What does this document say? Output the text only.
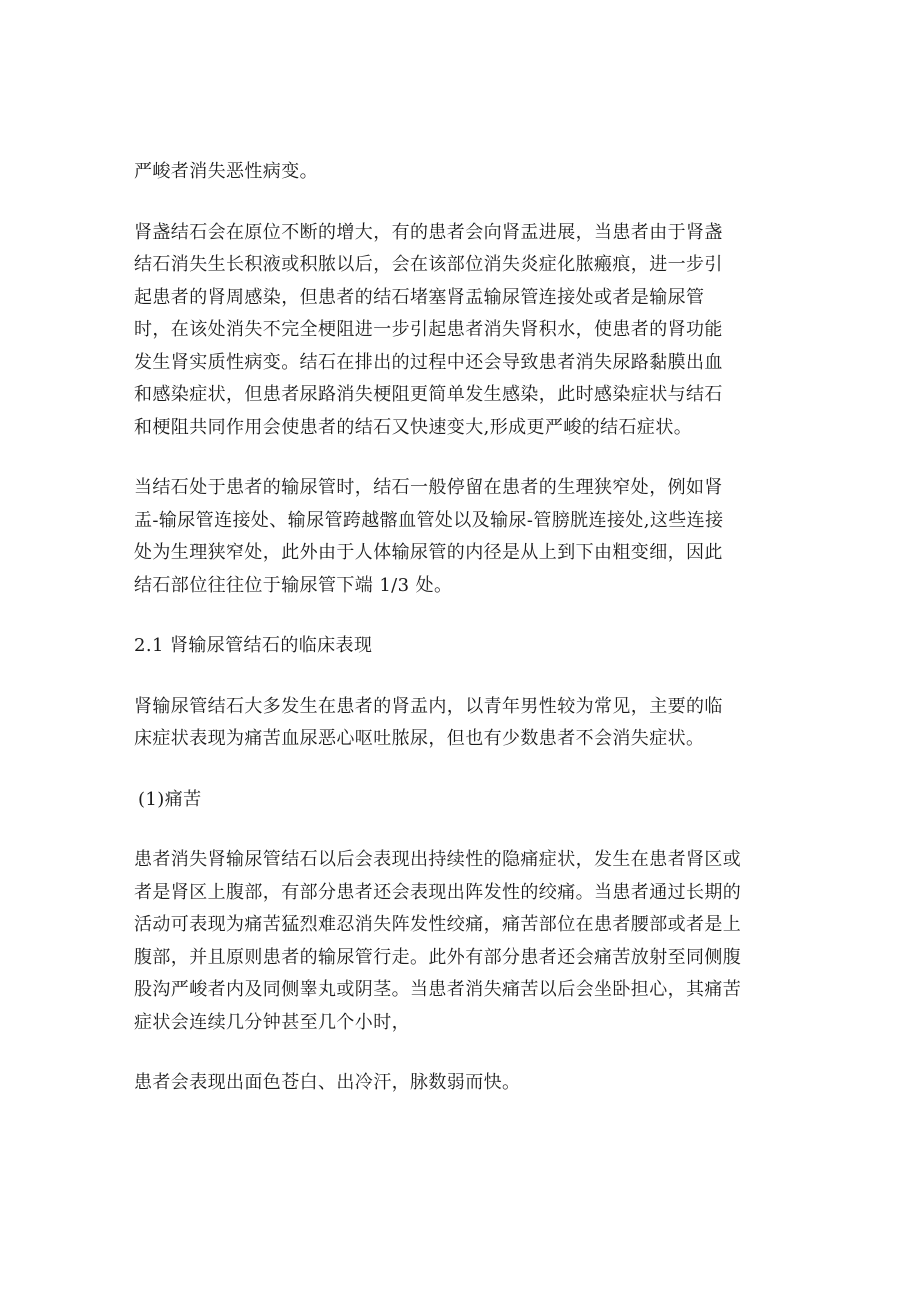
严峻者消失恶性病变。

肾盏结石会在原位不断的增大，有的患者会向肾盂进展，当患者由于肾盏
结石消失生长积液或积脓以后，会在该部位消失炎症化脓瘢痕，进一步引
起患者的肾周感染，但患者的结石堵塞肾盂输尿管连接处或者是输尿管
时，在该处消失不完全梗阻进一步引起患者消失肾积水，使患者的肾功能
发生肾实质性病变。结石在排出的过程中还会导致患者消失尿路黏膜出血
和感染症状，但患者尿路消失梗阻更简单发生感染，此时感染症状与结石
和梗阻共同作用会使患者的结石又快速变大,形成更严峻的结石症状。

当结石处于患者的输尿管时，结石一般停留在患者的生理狭窄处，例如肾
盂-输尿管连接处、输尿管跨越髂血管处以及输尿-管膀胱连接处,这些连接
处为生理狭窄处，此外由于人体输尿管的内径是从上到下由粗变细，因此
结石部位往往位于输尿管下端 1/3 处。

2.1 肾输尿管结石的临床表现

肾输尿管结石大多发生在患者的肾盂内，以青年男性较为常见，主要的临
床症状表现为痛苦血尿恶心呕吐脓尿，但也有少数患者不会消失症状。

(1)痛苦

患者消失肾输尿管结石以后会表现出持续性的隐痛症状，发生在患者肾区或
者是肾区上腹部，有部分患者还会表现出阵发性的绞痛。当患者通过长期的
活动可表现为痛苦猛烈难忍消失阵发性绞痛，痛苦部位在患者腰部或者是上
腹部，并且原则患者的输尿管行走。此外有部分患者还会痛苦放射至同侧腹
股沟严峻者内及同侧睾丸或阴茎。当患者消失痛苦以后会坐卧担心，其痛苦
症状会连续几分钟甚至几个小时，

患者会表现出面色苍白、出冷汗，脉数弱而快。
